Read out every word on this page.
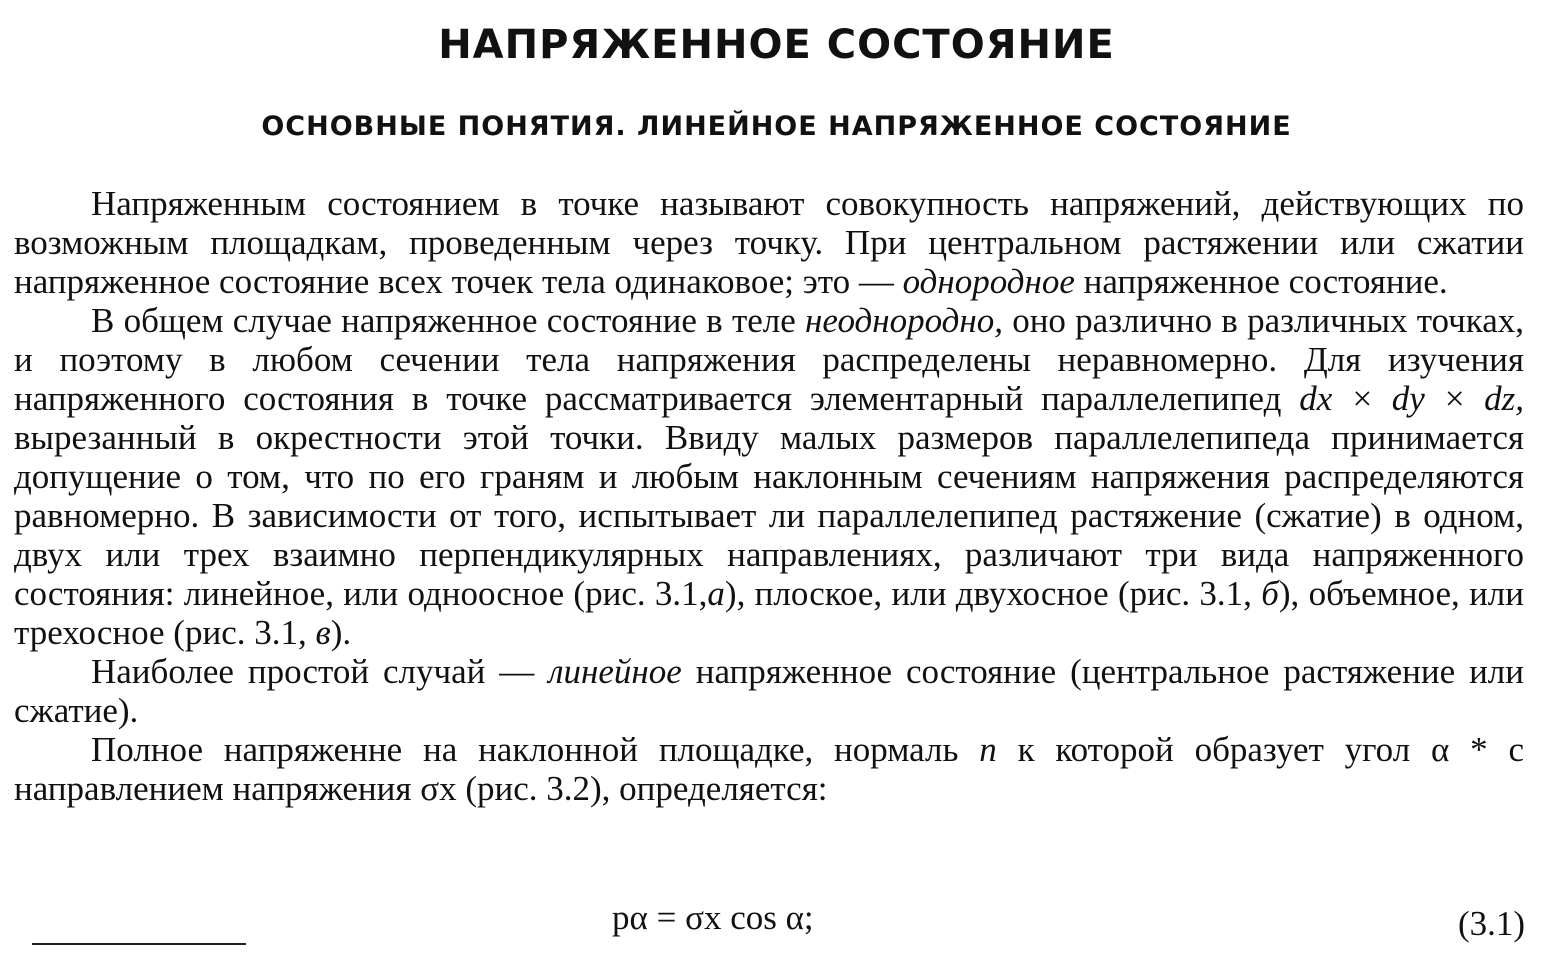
НАПРЯЖЕННОЕ СОСТОЯНИЕ
ОСНОВНЫЕ ПОНЯТИЯ. ЛИНЕЙНОЕ НАПРЯЖЕННОЕ СОСТОЯНИЕ

Напряженным состоянием в точке называют совокупность напряжений, действующих по возможным площадкам, проведенным через точку. При центральном растяжении или сжатии напряженное состояние всех точек тела одинаковое; это — однородное напряженное состояние.

В общем случае напряженное состояние в теле неоднородно, оно различно в различных точках, и поэтому в любом сечении тела напряжения распределены неравномерно. Для изучения напряженного состояния в точке рассматривается элементарный параллелепипед dx × dy × dz, вырезанный в окрестности этой точки. Ввиду малых размеров параллелепипеда принимается допущение о том, что по его граням и любым наклонным сечениям напряжения распределяются равномерно. В зависимости от того, испытывает ли параллелепипед растяжение (сжатие) в одном, двух или трех взаимно перпендикулярных направлениях, различают три вида напряженного состояния: линейное, или одноосное (рис. 3.1,а), плоское, или двухосное (рис. 3.1, б), объемное, или трехосное (рис. 3.1, в).

Наиболее простой случай — линейное напряженное состояние (центральное растяжение или сжатие).

Полное напряженне на наклонной площадке, нормаль n к которой образует угол α * с направлением напряжения σx (рис. 3.2), определяется:

pα = σx cos α;	(3.1)
